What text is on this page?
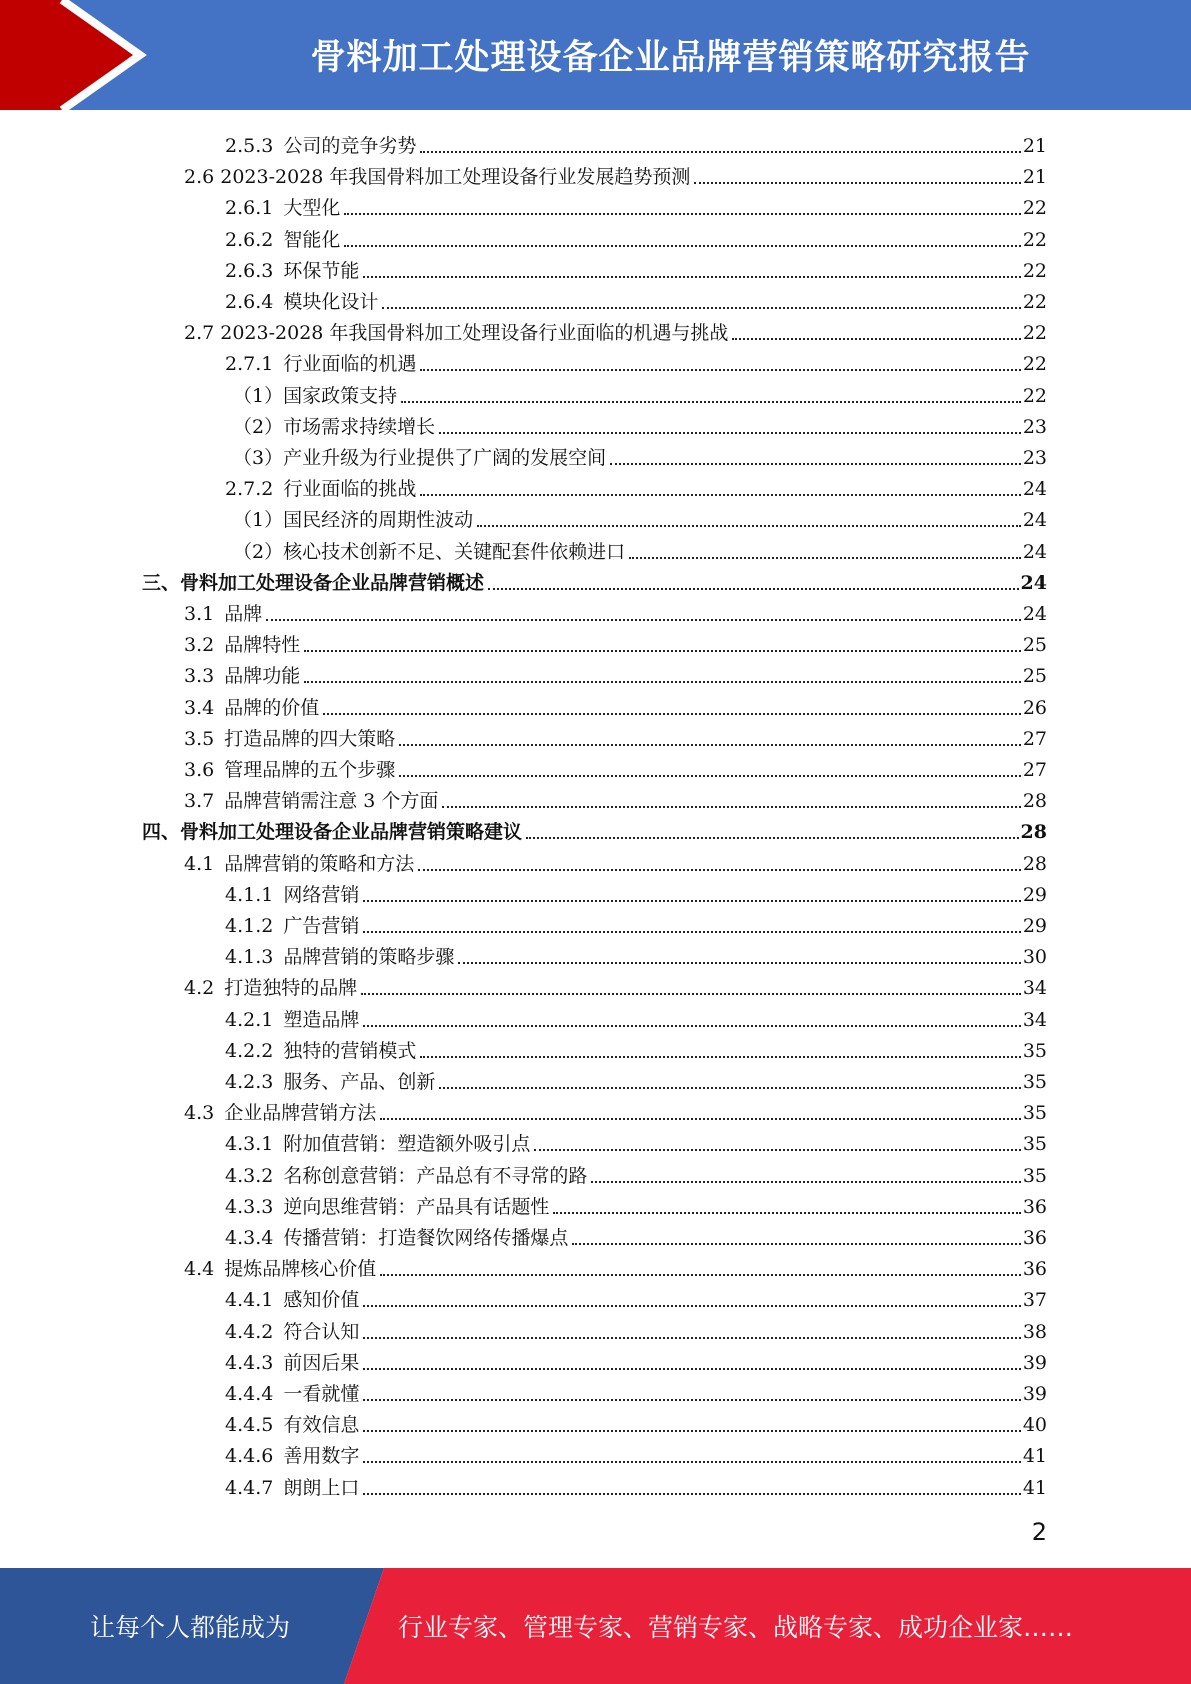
骨料加工处理设备企业品牌营销策略研究报告
2.5.3 公司的竞争劣势	21
2.6 2023-2028 年我国骨料加工处理设备行业发展趋势预测	21
2.6.1 大型化	22
2.6.2 智能化	22
2.6.3 环保节能	22
2.6.4 模块化设计	22
2.7 2023-2028 年我国骨料加工处理设备行业面临的机遇与挑战	22
2.7.1 行业面临的机遇	22
（1）国家政策支持	22
（2）市场需求持续增长	23
（3）产业升级为行业提供了广阔的发展空间	23
2.7.2 行业面临的挑战	24
（1）国民经济的周期性波动	24
（2）核心技术创新不足、关键配套件依赖进口	24
三、骨料加工处理设备企业品牌营销概述	24
3.1 品牌	24
3.2 品牌特性	25
3.3 品牌功能	25
3.4 品牌的价值	26
3.5 打造品牌的四大策略	27
3.6 管理品牌的五个步骤	27
3.7 品牌营销需注意 3 个方面	28
四、骨料加工处理设备企业品牌营销策略建议	28
4.1 品牌营销的策略和方法	28
4.1.1 网络营销	29
4.1.2 广告营销	29
4.1.3 品牌营销的策略步骤	30
4.2 打造独特的品牌	34
4.2.1 塑造品牌	34
4.2.2 独特的营销模式	35
4.2.3 服务、产品、创新	35
4.3 企业品牌营销方法	35
4.3.1 附加值营销：塑造额外吸引点	35
4.3.2 名称创意营销：产品总有不寻常的路	35
4.3.3 逆向思维营销：产品具有话题性	36
4.3.4 传播营销：打造餐饮网络传播爆点	36
4.4 提炼品牌核心价值	36
4.4.1 感知价值	37
4.4.2 符合认知	38
4.4.3 前因后果	39
4.4.4 一看就懂	39
4.4.5 有效信息	40
4.4.6 善用数字	41
4.4.7 朗朗上口	41
2
让每个人都能成为	行业专家、管理专家、营销专家、战略专家、成功企业家……
